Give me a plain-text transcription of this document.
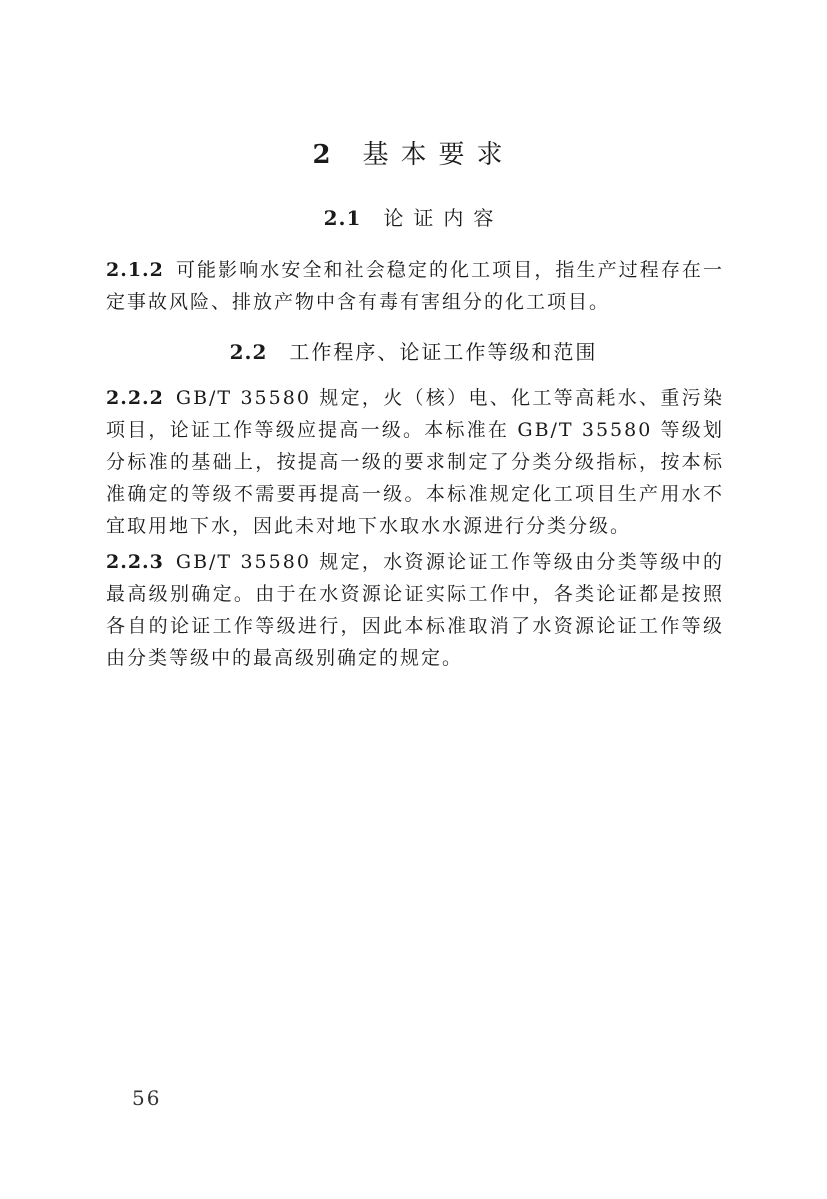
2 基本要求
2.1 论证内容

2.1.2 可能影响水安全和社会稳定的化工项目，指生产过程存在一定事故风险、排放产物中含有毒有害组分的化工项目。

2.2 工作程序、论证工作等级和范围

2.2.2 GB/T 35580 规定，火（核）电、化工等高耗水、重污染项目，论证工作等级应提高一级。本标准在 GB/T 35580 等级划分标准的基础上，按提高一级的要求制定了分类分级指标，按本标准确定的等级不需要再提高一级。本标准规定化工项目生产用水不宜取用地下水，因此未对地下水取水水源进行分类分级。

2.2.3 GB/T 35580 规定，水资源论证工作等级由分类等级中的最高级别确定。由于在水资源论证实际工作中，各类论证都是按照各自的论证工作等级进行，因此本标准取消了水资源论证工作等级由分类等级中的最高级别确定的规定。

56
